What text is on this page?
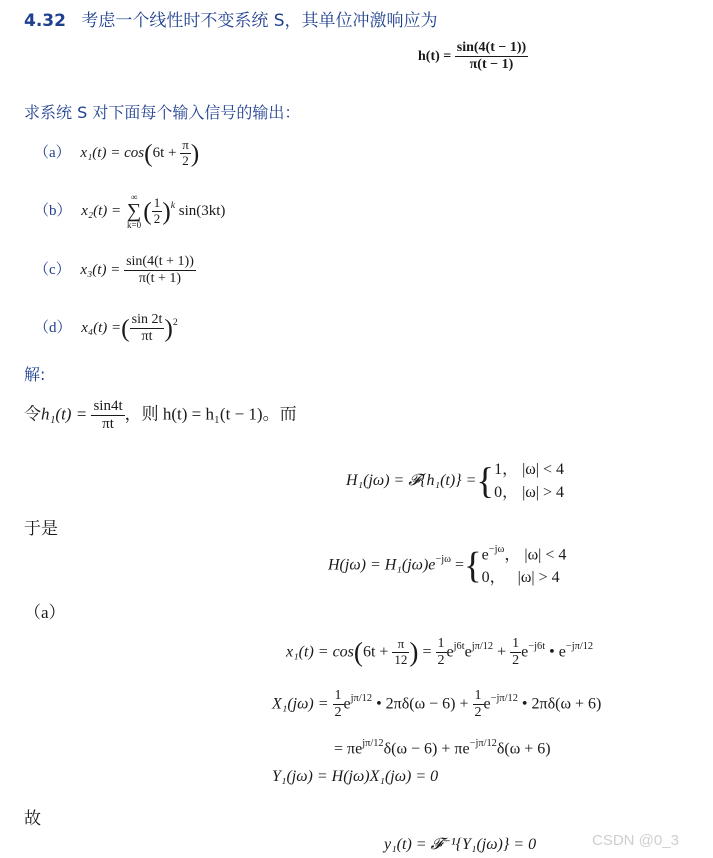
4.32 考虑一个线性时不变系统 S，其单位冲激响应为
$h(t) = \frac{\sin(4(t - 1))}{\pi(t - 1)}$
求系统 S 对下面每个输入信号的输出：
（a） $x_1(t) = \cos(6t + \frac{\pi}{2}$ )
（b） x₂(t) =
∞
∑
k=0 ( $\frac{1}{2} )^k$ sin(3kt)
（c） $x_3(t) = \frac{\sin(4(t + 1))}{\pi(t + 1)}$
（d） x₄(t) =( $\frac{\sin 2t}{\pi t} )^2$
解:
令$h_1(t) = \frac{\sin 4t}{\pi t}$ ，则 h(t) = h₁(t − 1)。而
H₁(jω) = 𝓕{h₁(t)} ={ 1， |ω| < 4
0， |ω| > 4
于是
$H(j\omega) = H_1(j\omega)e^{-j\omega}$ ={ $e^{-j\omega}$， |ω| < 4
0，   |ω| > 4
（a）
$x_1(t) = \cos(6t + \frac{\pi}{12}$ ) = $\frac{1}{2} e^{j6t}e^{j\pi/12} + \frac{1}{2} e^{-j6t}$ • $e^{-j\pi/12}$
$X_1(j\omega) = \frac{1}{2} e^{j\pi/12}$ • $2\pi\delta(\omega - 6) + \frac{1}{2} e^{-j\pi/12}$ • 2πδ(ω + 6)
= $\pi e^{j\pi/12}\delta(\omega - 6) + \pi e^{-j\pi/12}\delta(\omega + 6)$
Y₁(jω) = H(jω)X₁(jω) = 0
故
y₁(t) = 𝓕⁻¹{Y₁(jω)} = 0	CSDN @0_3
